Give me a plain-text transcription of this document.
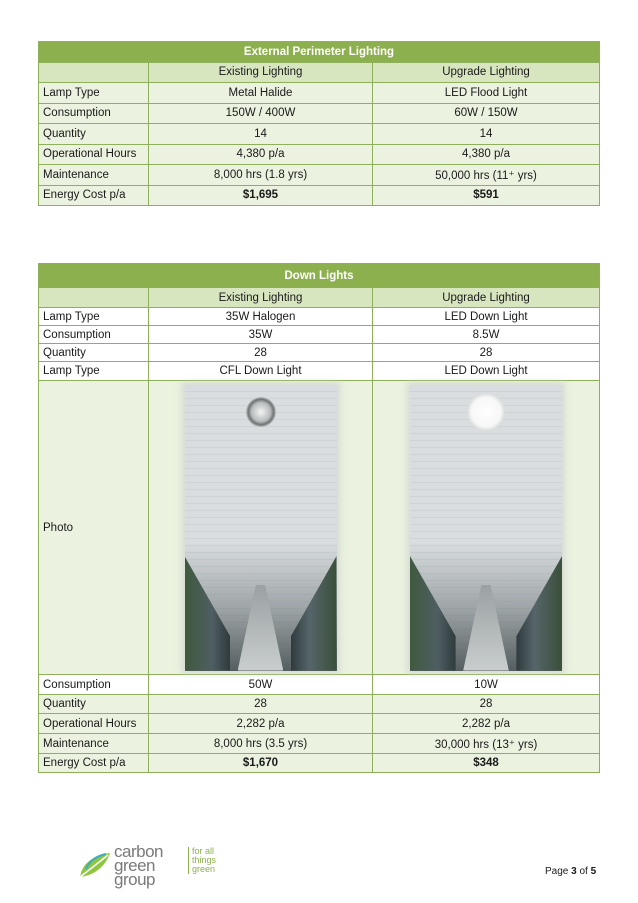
External Perimeter Lighting		
	Existing Lighting	Upgrade Lighting
Lamp Type	Metal Halide	LED Flood Light
Consumption	150W / 400W	60W / 150W
Quantity	14	14
Operational Hours	4,380 p/a	4,380 p/a
Maintenance	8,000 hrs (1.8 yrs)	50,000 hrs (11⁺ yrs)
Energy Cost p/a	$1,695	$591
Down Lights		
	Existing Lighting	Upgrade Lighting
Lamp Type	35W Halogen	LED Down Light
Consumption	35W	8.5W
Quantity	28	28
Lamp Type	CFL Down Light	LED Down Light
Photo	

Consumption	50W	10W
Quantity	28	28
Operational Hours	2,282 p/a	2,282 p/a
Maintenance	8,000 hrs (3.5 yrs)	30,000 hrs (13⁺ yrs)
Energy Cost p/a	$1,670	$348
carbon
green
group
for all
things
green	Page 3 of 5
